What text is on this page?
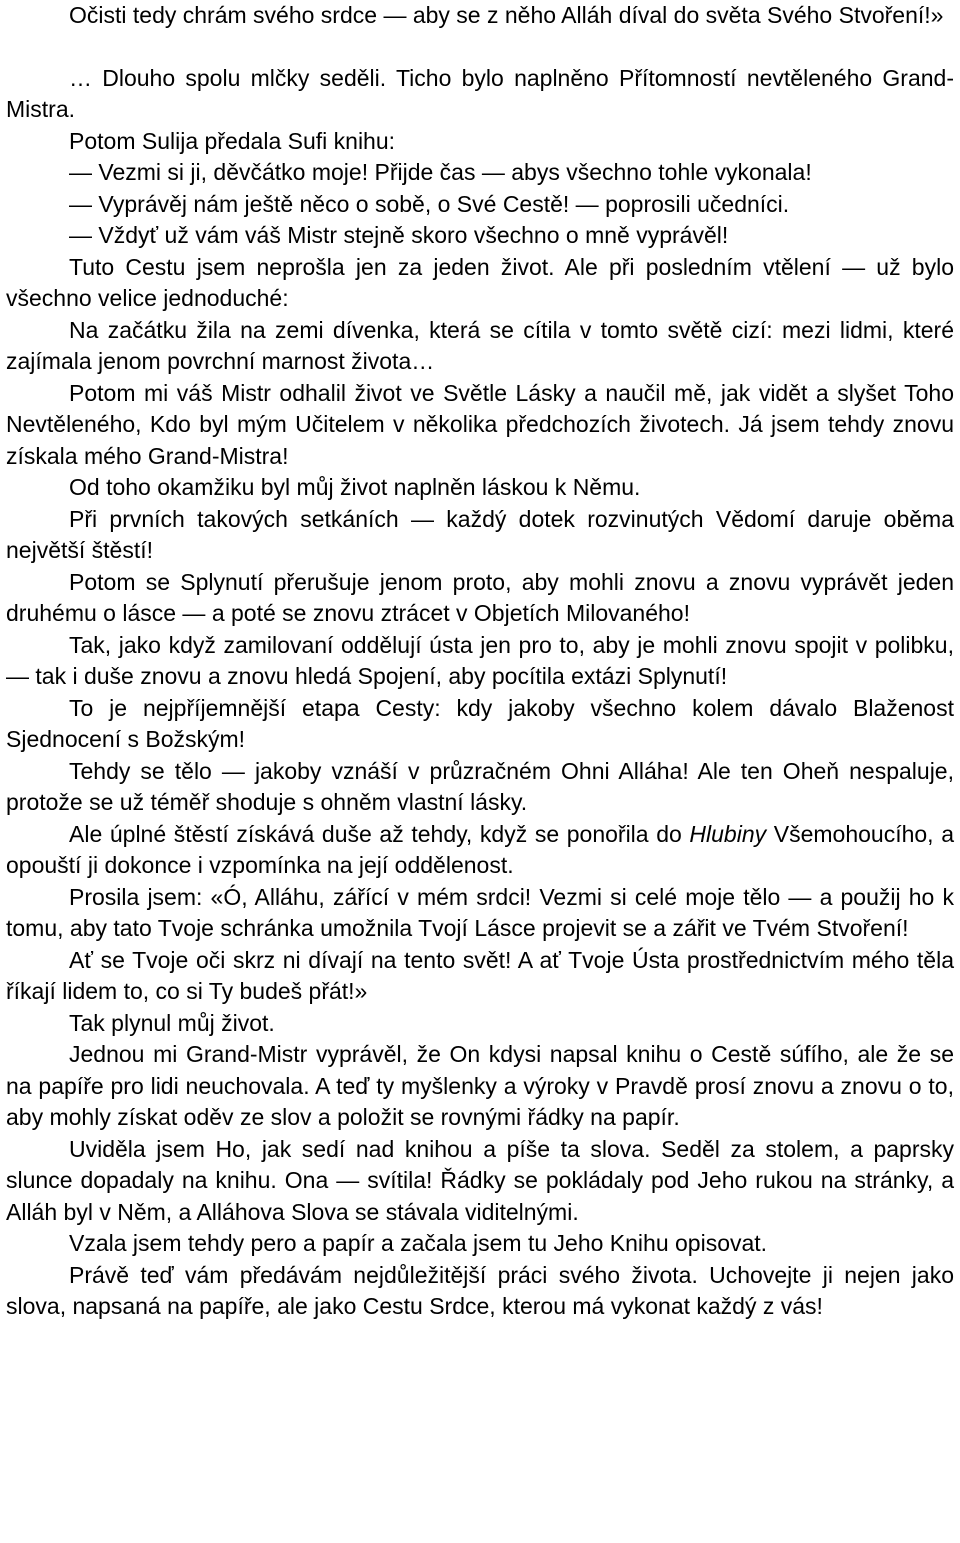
Očisti tedy chrám svého srdce — aby se z něho Alláh díval do světa Svého Stvoření!»

… Dlouho spolu mlčky seděli. Ticho bylo naplněno Přítomností nevtěleného Grand-Mistra.

Potom Sulija předala Sufi knihu:

— Vezmi si ji, děvčátko moje! Přijde čas — abys všechno tohle vykonala!

— Vyprávěj nám ještě něco o sobě, o Své Cestě! — poprosili učedníci.

— Vždyť už vám váš Mistr stejně skoro všechno o mně vyprávěl!

Tuto Cestu jsem neprošla jen za jeden život. Ale při posledním vtělení — už bylo všechno velice jednoduché:

Na začátku žila na zemi dívenka, která se cítila v tomto světě cizí: mezi lidmi, které zajímala jenom povrchní marnost života…

Potom mi váš Mistr odhalil život ve Světle Lásky a naučil mě, jak vidět a slyšet Toho Nevtěleného, Kdo byl mým Učitelem v několika předchozích životech. Já jsem tehdy znovu získala mého Grand-Mistra!

Od toho okamžiku byl můj život naplněn láskou k Němu.

Při prvních takových setkáních — každý dotek rozvinutých Vědomí daruje oběma největší štěstí!

Potom se Splynutí přerušuje jenom proto, aby mohli znovu a znovu vyprávět jeden druhému o lásce — a poté se znovu ztrácet v Objetích Milovaného!

Tak, jako když zamilovaní oddělují ústa jen pro to, aby je mohli znovu spojit v polibku, — tak i duše znovu a znovu hledá Spojení, aby pocítila extázi Splynutí!

To je nejpříjemnější etapa Cesty: kdy jakoby všechno kolem dávalo Blaženost Sjednocení s Božským!

Tehdy se tělo — jakoby vznáší v průzračném Ohni Alláha! Ale ten Oheň nespaluje, protože se už téměř shoduje s ohněm vlastní lásky.

Ale úplné štěstí získává duše až tehdy, když se ponořila do Hlubiny Všemohoucího, a opouští ji dokonce i vzpomínka na její oddělenost.

Prosila jsem: «Ó, Alláhu, zářící v mém srdci! Vezmi si celé moje tělo — a použij ho k tomu, aby tato Tvoje schránka umožnila Tvojí Lásce projevit se a zářit ve Tvém Stvoření!

Ať se Tvoje oči skrz ni dívají na tento svět! A ať Tvoje Ústa prostřednictvím mého těla říkají lidem to, co si Ty budeš přát!»

Tak plynul můj život.

Jednou mi Grand-Mistr vyprávěl, že On kdysi napsal knihu o Cestě súfího, ale že se na papíře pro lidi neuchovala. A teď ty myšlenky a výroky v Pravdě prosí znovu a znovu o to, aby mohly získat oděv ze slov a položit se rovnými řádky na papír.

Uviděla jsem Ho, jak sedí nad knihou a píše ta slova. Seděl za stolem, a paprsky slunce dopadaly na knihu. Ona — svítila! Řádky se pokládaly pod Jeho rukou na stránky, a Alláh byl v Něm, a Alláhova Slova se stávala viditelnými.

Vzala jsem tehdy pero a papír a začala jsem tu Jeho Knihu opisovat.

Právě teď vám předávám nejdůležitější práci svého života. Uchovejte ji nejen jako slova, napsaná na papíře, ale jako Cestu Srdce, kterou má vykonat každý z vás!
